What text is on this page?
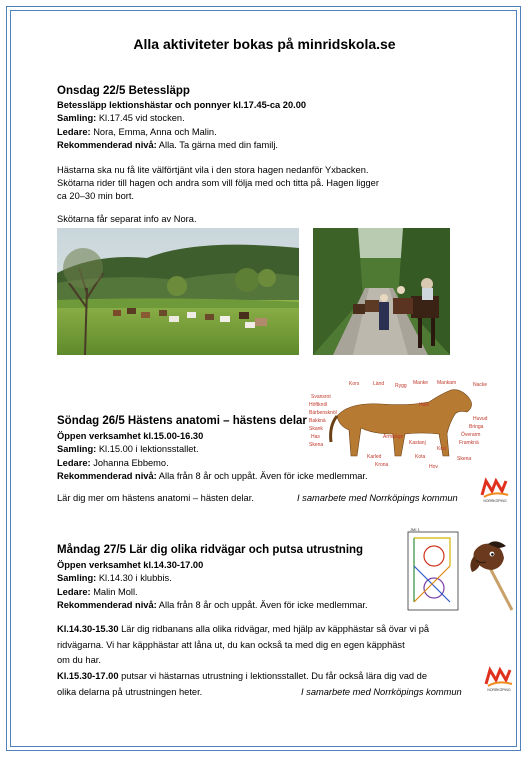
Alla aktiviteter bokas på minridskola.se
Onsdag 22/5 Betessläpp
Betessläpp lektionshästar och ponnyer kl.17.45-ca 20.00
Samling: Kl.17.45 vid stocken.
Ledare: Nora, Emma, Anna och Malin.
Rekommenderad nivå: Alla. Ta gärna med din familj.
Hästarna ska nu få lite välförtjänt vila i den stora hagen nedanför Yxbacken.
Skötarna rider till hagen och andra som vill följa med och titta på. Hagen ligger
ca 20–30 min bort.
Skötarna får separat info av Nora.
Söndag 26/5 Hästens anatomi – hästens delar
Öppen verksamhet kl.15.00-16.30
Samling: Kl.15.00 i lektionsstallet.
Ledare: Johanna Ebbemo.
Rekommenderad nivå: Alla från 8 år och uppåt. Även för icke medlemmar.
Lär dig mer om hästens anatomi – hästen delar.	I samarbete med Norrköpings kommun
Kors	Länd Rygg Manke Mankam	Nacke
Svansrot
Höftknöl
Bärbensknöl
Bakknä
Skank
Has
Skena
Huvud
Bringa
Överarm
Framknä
Skena
Kastanj
Armbåge
Hals
Karled
Krona	Hov
Kota
Knä
NORRKÖPING
Måndag 27/5 Lär dig olika ridvägar och putsa utrustning
Öppen verksamhet kl.14.30-17.00
Samling: Kl.14.30 i klubbis.
Ledare: Malin Moll.
Rekommenderad nivå: Alla från 8 år och uppåt. Även för icke medlemmar.
Kl.14.30-15.30 Lär dig ridbanans alla olika ridvägar, med hjälp av käpphästar så övar vi på
ridvägarna. Vi har käpphästar att låna ut, du kan också ta med dig en egen käpphäst
om du har.
Kl.15.30-17.00 putsar vi hästarnas utrustning i lektionsstallet. Du får också lära dig vad de
olika delarna på utrustningen heter.	I samarbete med Norrköpings kommun
JMI 1
NORRKÖPING
